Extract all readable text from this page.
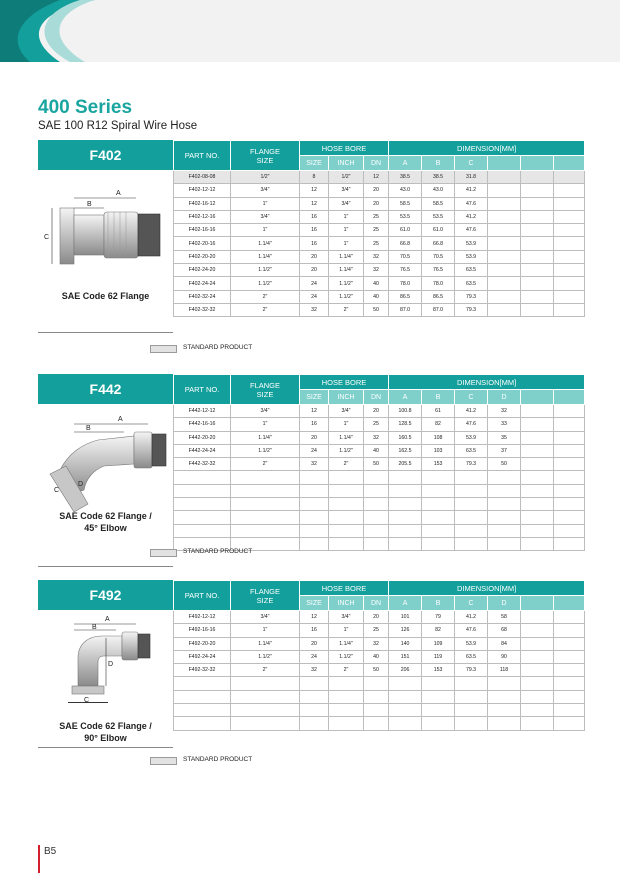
400 Series
SAE 100 R12 Spiral Wire Hose
F402
A
B
C
SAE Code 62 Flange
PART NO.	FLANGE
SIZE	HOSE BORE			DIMENSION[MM]					
		SIZE	INCH	DN	A	B	C			
F402-08-08	1/2"	8	1/2"	12	38.5	38.5	31.8			
F402-12-12	3/4"	12	3/4"	20	43.0	43.0	41.2			
F402-16-12	1"	12	3/4"	20	58.5	58.5	47.6			
F402-12-16	3/4"	16	1"	25	53.5	53.5	41.2			
F402-16-16	1"	16	1"	25	61.0	61.0	47.6			
F402-20-16	1.1/4"	16	1"	25	66.8	66.8	53.9			
F402-20-20	1.1/4"	20	1.1/4"	32	70.5	70.5	53.9			
F402-24-20	1.1/2"	20	1.1/4"	32	76.5	76.5	63.5			
F402-24-24	1.1/2"	24	1.1/2"	40	78.0	78.0	63.5			
F402-32-24	2"	24	1.1/2"	40	86.5	86.5	79.3			
F402-32-32	2"	32	2"	50	87.0	87.0	79.3			
STANDARD PRODUCT
F442
A
B
C
D
SAE Code 62 Flange /
45° Elbow
PART NO.	FLANGE
SIZE	HOSE BORE			DIMENSION[MM]					
		SIZE	INCH	DN	A	B	C	D		
F442-12-12	3/4"	12	3/4"	20	100.8	61	41.2	32		
F442-16-16	1"	16	1"	25	128.5	82	47.6	33		
F442-20-20	1.1/4"	20	1.1/4"	32	160.5	108	53.9	35		
F442-24-24	1.1/2"	24	1.1/2"	40	162.5	103	63.5	37		
F442-32-32	2"	32	2"	50	205.5	153	79.3	50		

STANDARD PRODUCT
F492
A
B
D
C
SAE Code 62 Flange /
90° Elbow
PART NO.	FLANGE
SIZE	HOSE BORE			DIMENSION[MM]					
		SIZE	INCH	DN	A	B	C	D		
F492-12-12	3/4"	12	3/4"	20	101	79	41.2	58		
F492-16-16	1"	16	1"	25	126	82	47.6	68		
F492-20-20	1.1/4"	20	1.1/4"	32	140	109	53.9	84		
F492-24-24	1.1/2"	24	1.1/2"	40	151	119	63.5	90		
F492-32-32	2"	32	2"	50	206	153	79.3	118		

STANDARD PRODUCT
B5
